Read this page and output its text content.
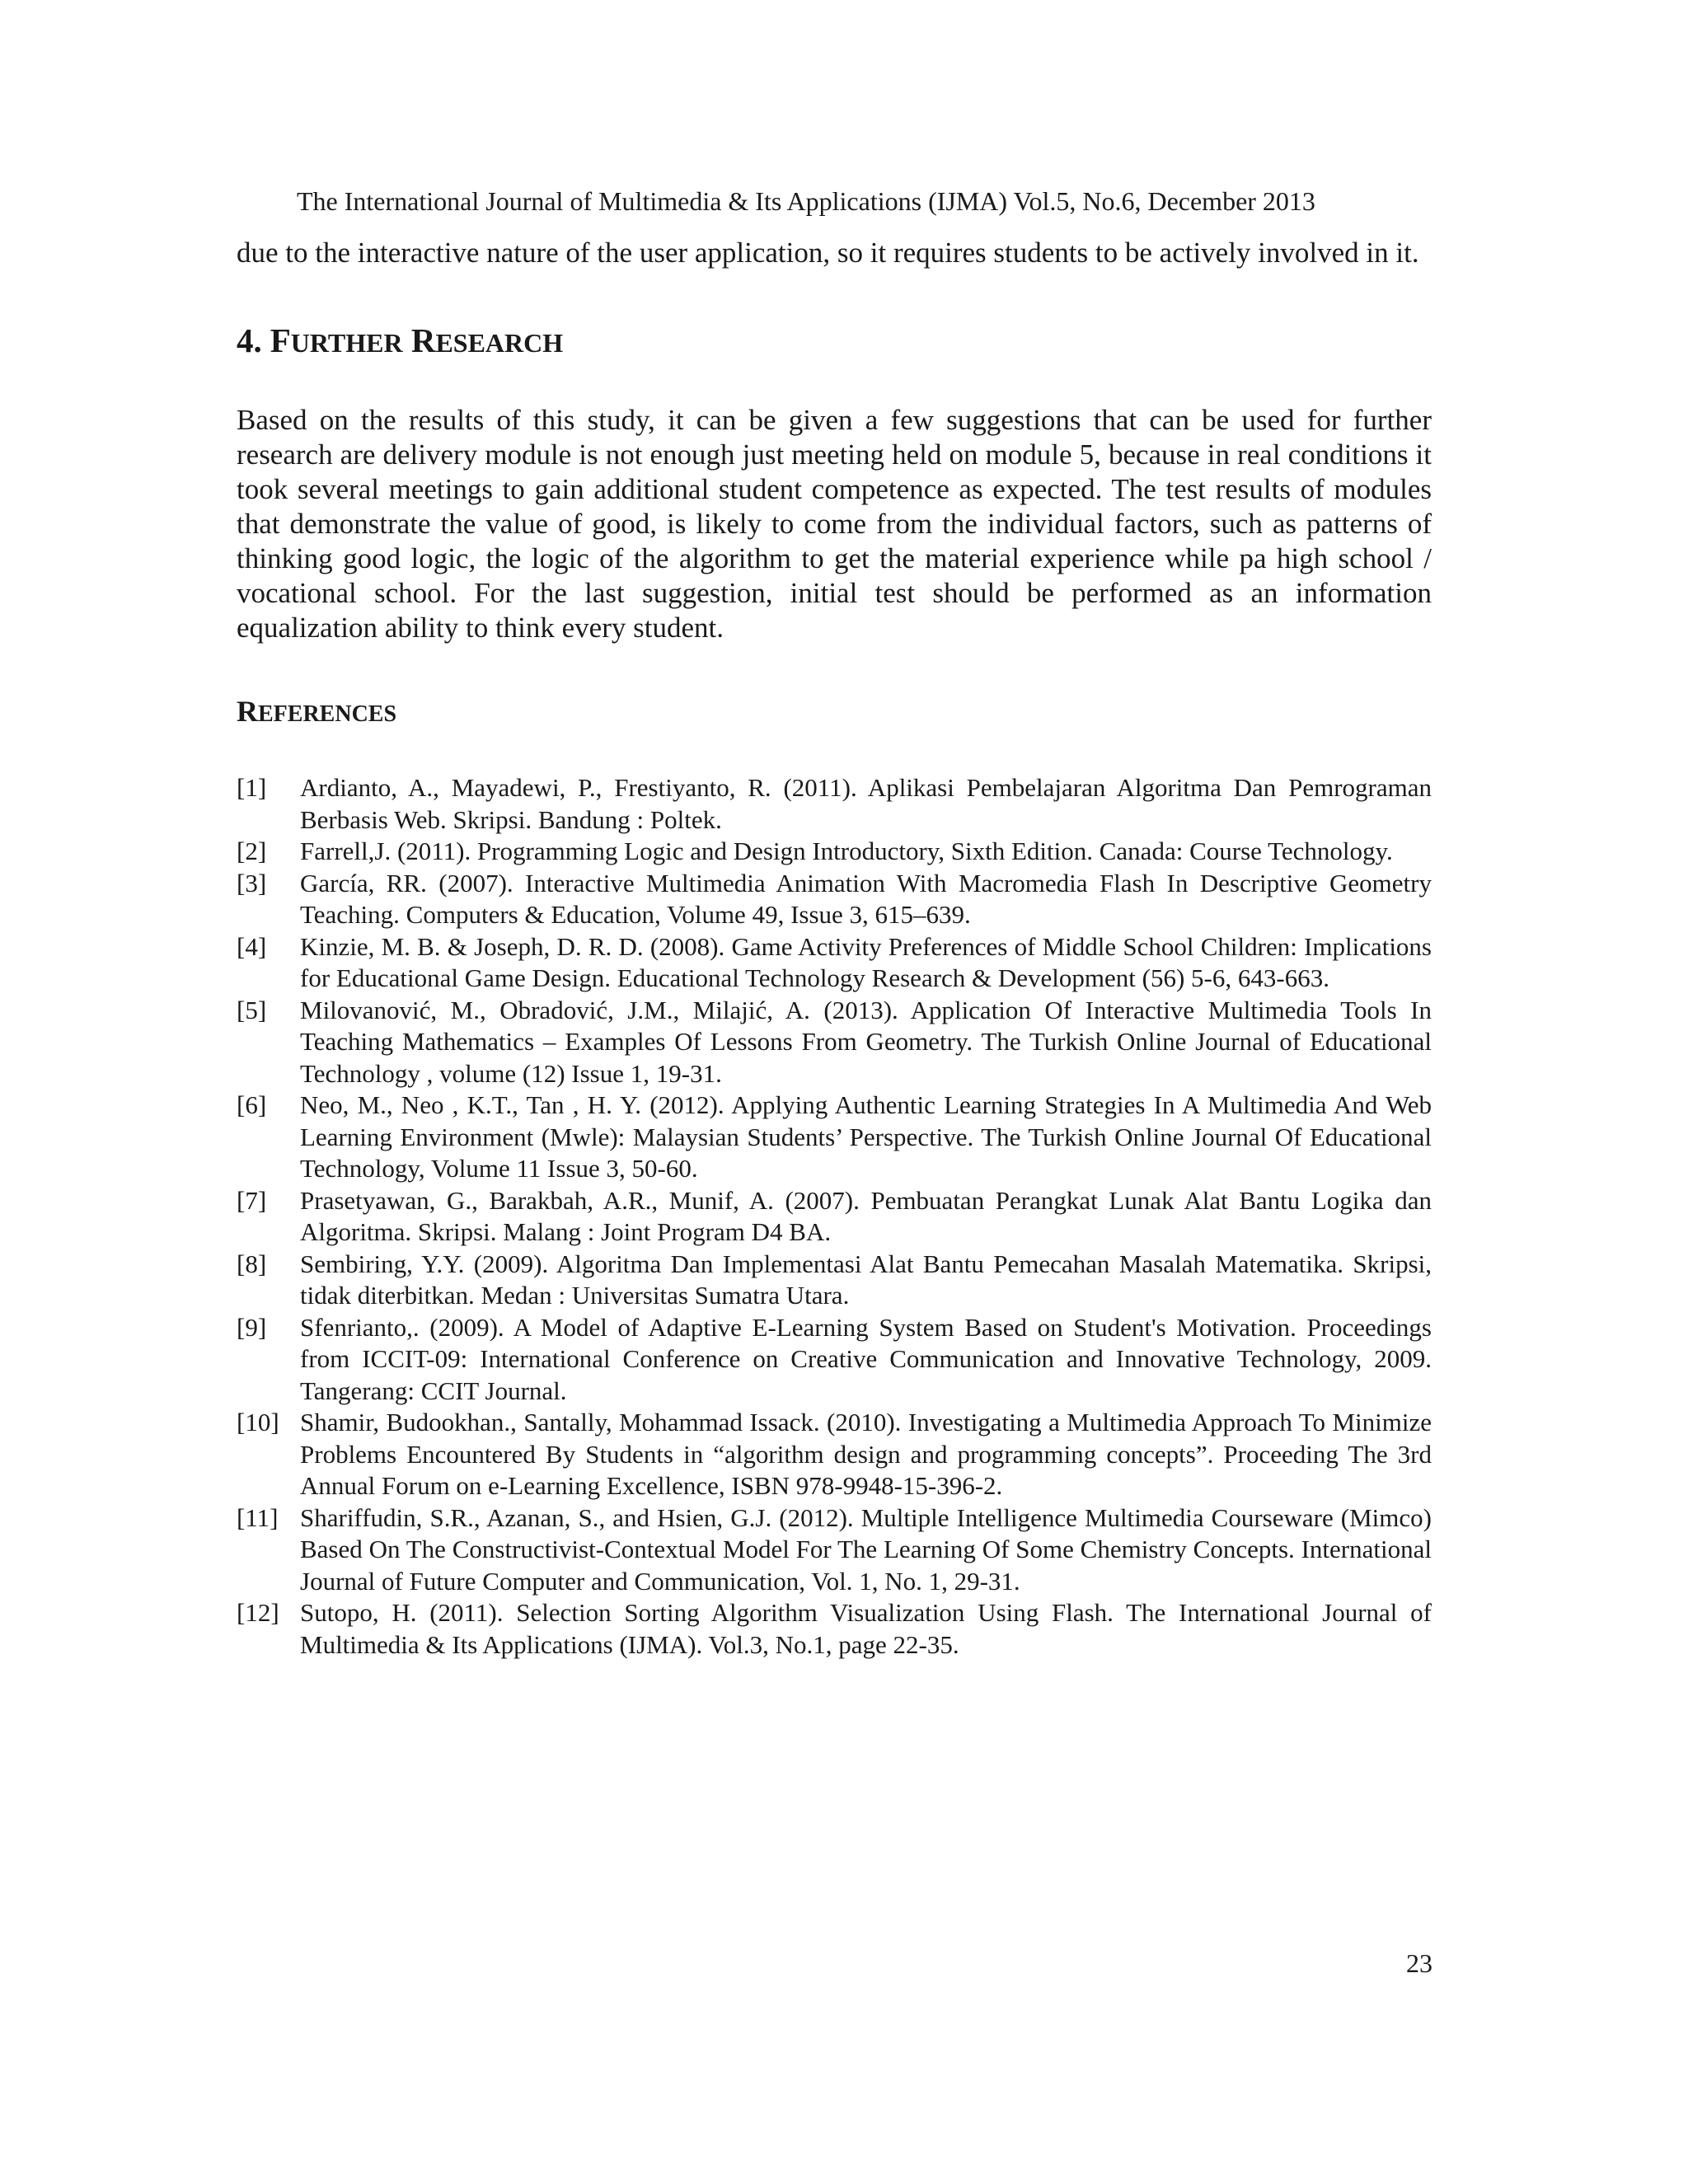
The International Journal of Multimedia & Its Applications (IJMA) Vol.5, No.6, December 2013

due to the interactive nature of the user application, so it requires students to be actively involved in it.

4. FURTHER RESEARCH

Based on the results of this study, it can be given a few suggestions that can be used for further research are delivery module is not enough just meeting held on module 5, because in real conditions it took several meetings to gain additional student competence as expected. The test results of modules that demonstrate the value of good, is likely to come from the individual factors, such as patterns of thinking good logic, the logic of the algorithm to get the material experience while pa high school / vocational school. For the last suggestion, initial test should be performed as an information equalization ability to think every student.

REFERENCES
[1] Ardianto, A., Mayadewi, P., Frestiyanto, R. (2011). Aplikasi Pembelajaran Algoritma Dan Pemrograman Berbasis Web. Skripsi. Bandung : Poltek.
[2] Farrell,J. (2011). Programming Logic and Design Introductory, Sixth Edition. Canada: Course Technology.
[3] García, RR. (2007). Interactive Multimedia Animation With Macromedia Flash In Descriptive Geometry Teaching. Computers & Education, Volume 49, Issue 3, 615–639.
[4] Kinzie, M. B. & Joseph, D. R. D. (2008). Game Activity Preferences of Middle School Children: Implications for Educational Game Design. Educational Technology Research & Development (56) 5-6, 643-663.
[5] Milovanović, M., Obradović, J.M., Milajić, A. (2013). Application Of Interactive Multimedia Tools In Teaching Mathematics – Examples Of Lessons From Geometry. The Turkish Online Journal of Educational Technology , volume (12) Issue 1, 19-31.
[6] Neo, M., Neo , K.T., Tan , H. Y. (2012). Applying Authentic Learning Strategies In A Multimedia And Web Learning Environment (Mwle): Malaysian Students’ Perspective. The Turkish Online Journal Of Educational Technology, Volume 11 Issue 3, 50-60.
[7] Prasetyawan, G., Barakbah, A.R., Munif, A. (2007). Pembuatan Perangkat Lunak Alat Bantu Logika dan Algoritma. Skripsi. Malang : Joint Program D4 BA.
[8] Sembiring, Y.Y. (2009). Algoritma Dan Implementasi Alat Bantu Pemecahan Masalah Matematika. Skripsi, tidak diterbitkan. Medan : Universitas Sumatra Utara.
[9] Sfenrianto,. (2009). A Model of Adaptive E-Learning System Based on Student's Motivation. Proceedings from ICCIT-09: International Conference on Creative Communication and Innovative Technology, 2009. Tangerang: CCIT Journal.
[10] Shamir, Budookhan., Santally, Mohammad Issack. (2010). Investigating a Multimedia Approach To Minimize Problems Encountered By Students in “algorithm design and programming concepts”. Proceeding The 3rd Annual Forum on e-Learning Excellence, ISBN 978-9948-15-396-2.
[11] Shariffudin, S.R., Azanan, S., and Hsien, G.J. (2012). Multiple Intelligence Multimedia Courseware (Mimco) Based On The Constructivist-Contextual Model For The Learning Of Some Chemistry Concepts. International Journal of Future Computer and Communication, Vol. 1, No. 1, 29-31.
[12] Sutopo, H. (2011). Selection Sorting Algorithm Visualization Using Flash. The International Journal of Multimedia & Its Applications (IJMA). Vol.3, No.1, page 22-35.
23
